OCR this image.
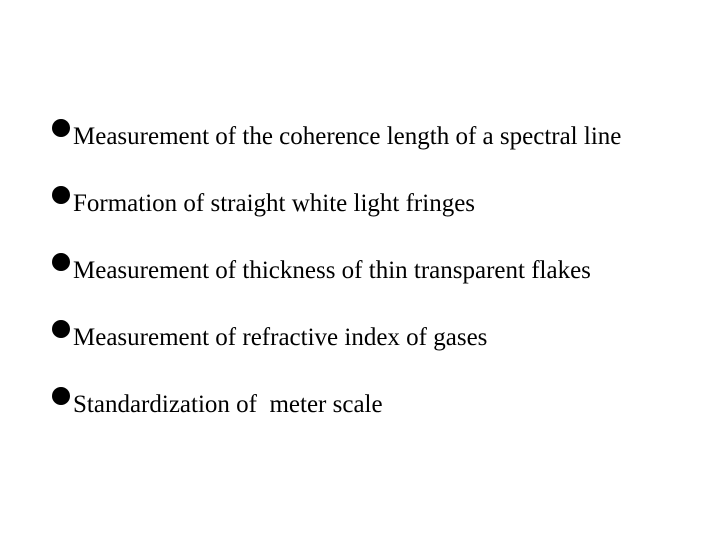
Measurement of the coherence length of a spectral line

Formation of straight white light fringes

Measurement of thickness of thin transparent flakes

Measurement of refractive index of gases

Standardization of  meter scale
